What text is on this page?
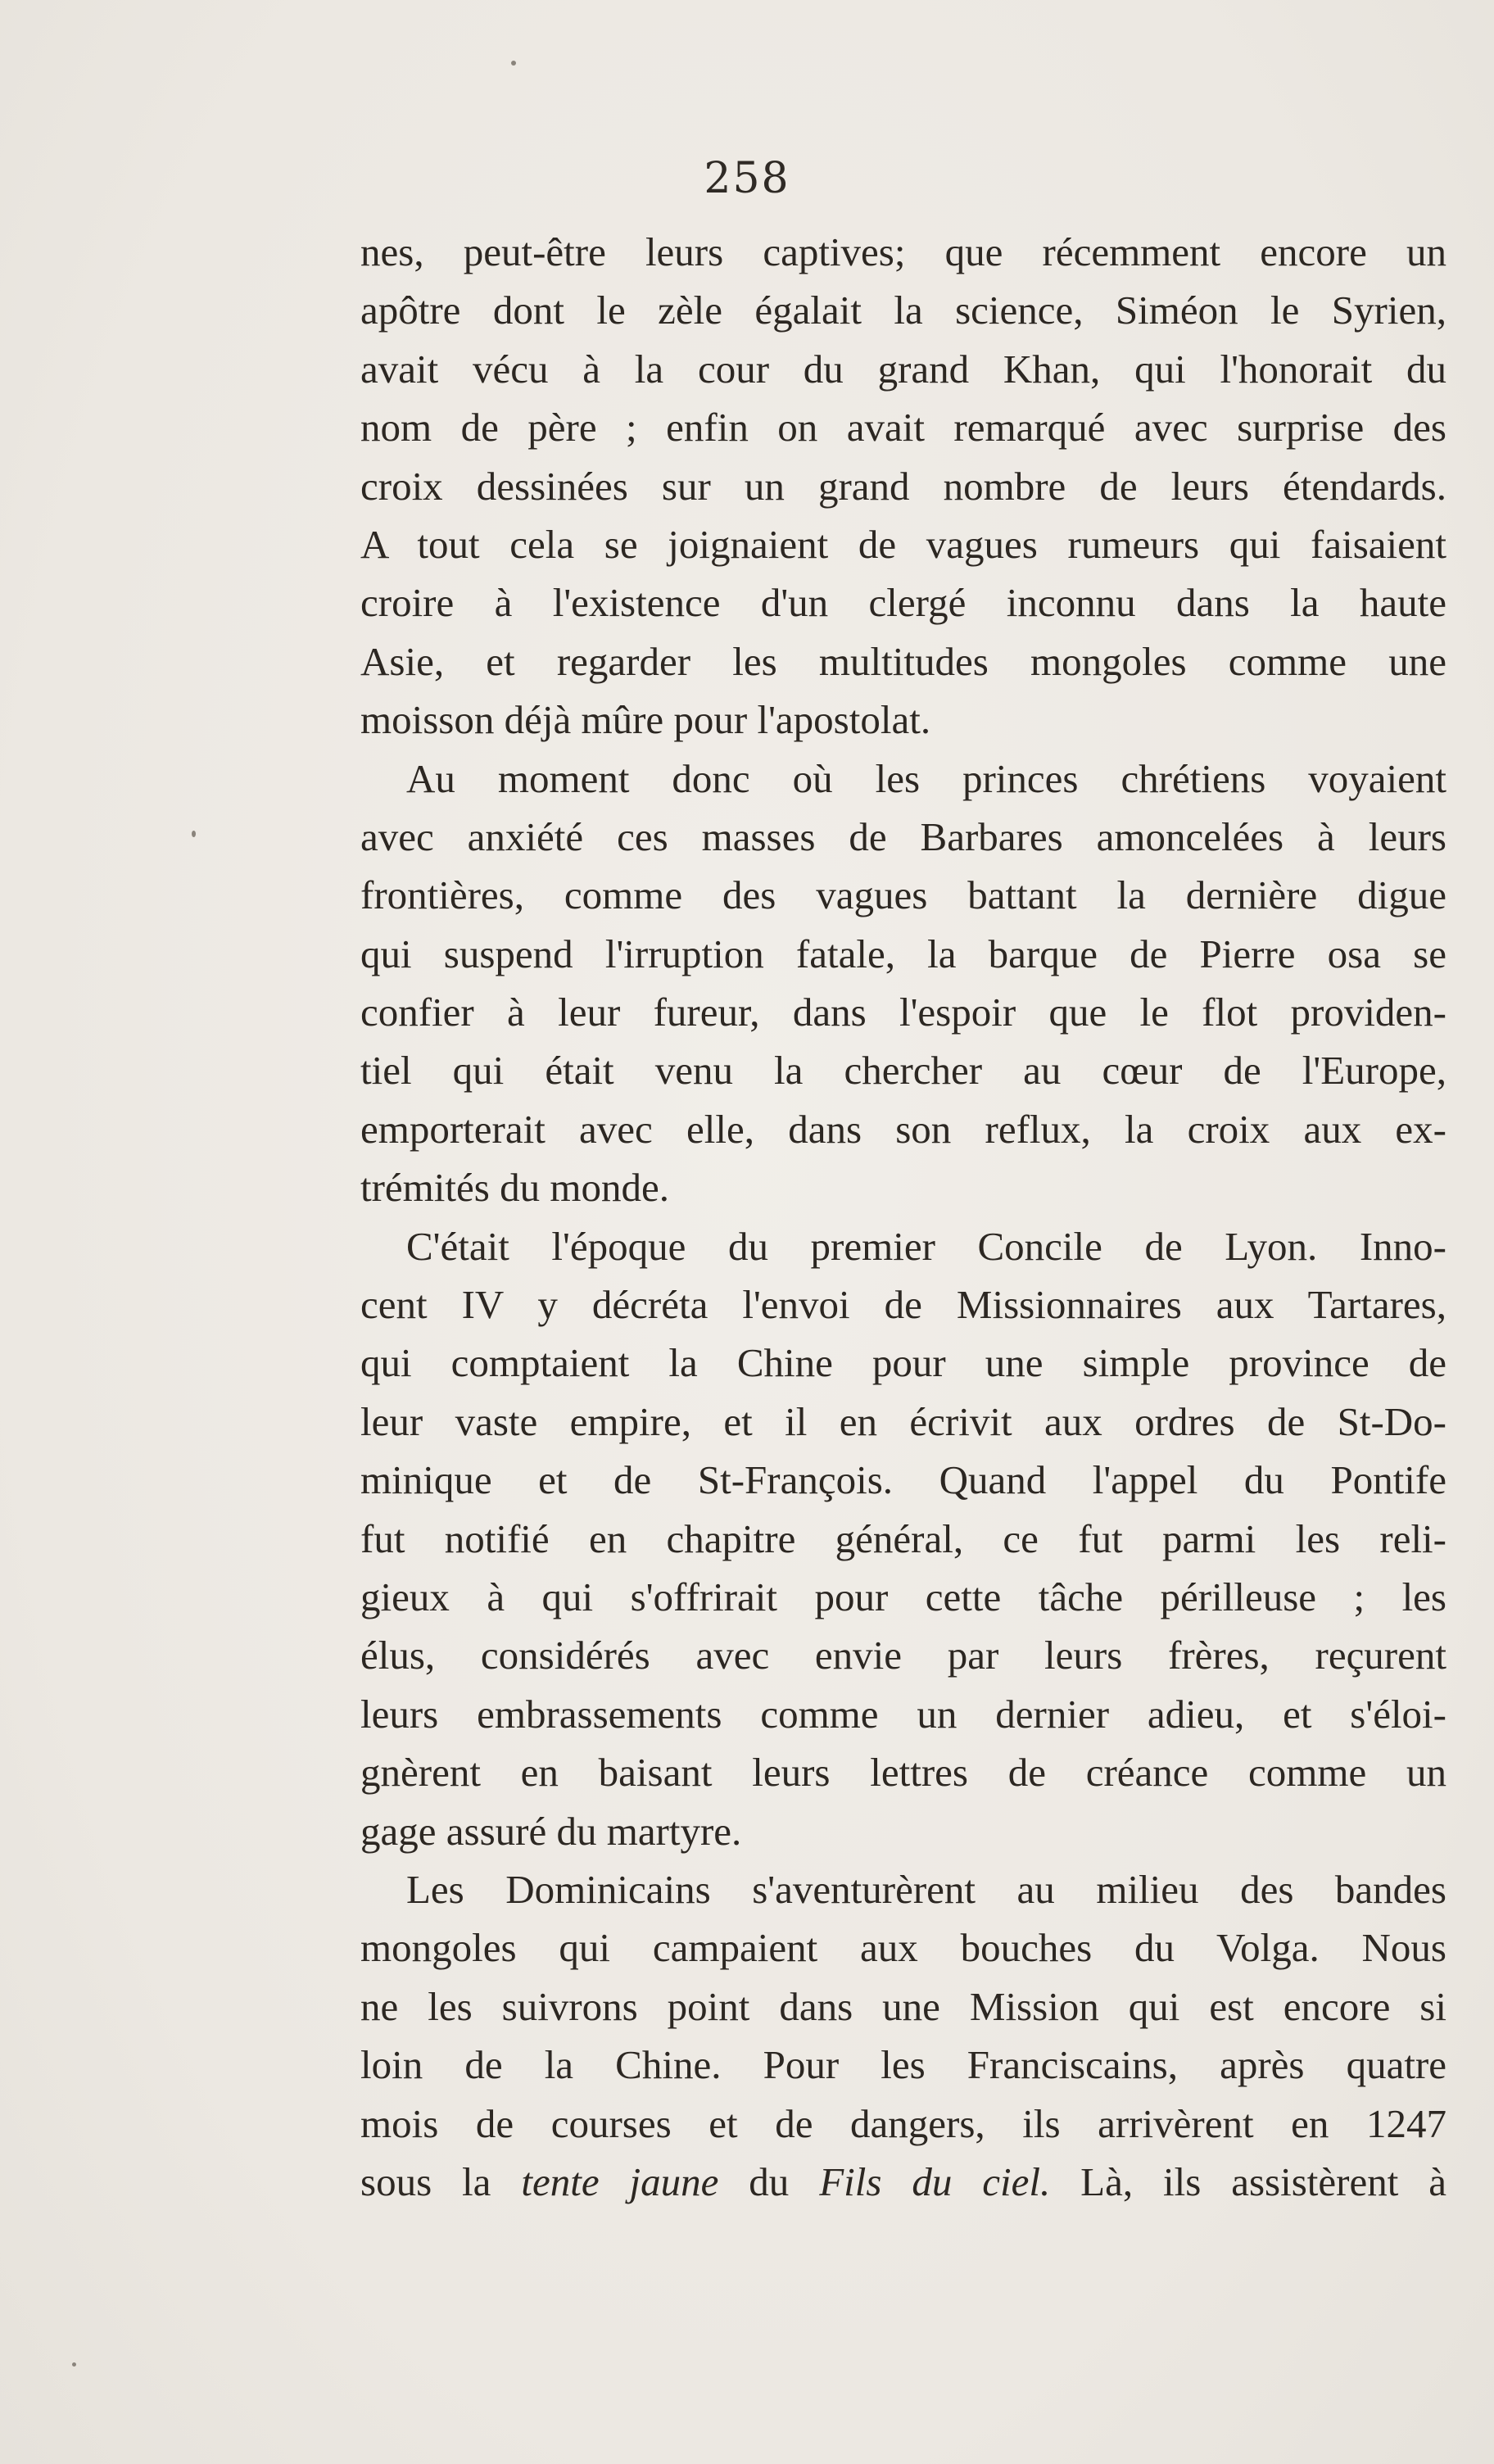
258
nes, peut-être leurs captives; que récemment encore un
apôtre dont le zèle égalait la science, Siméon le Syrien,
avait vécu à la cour du grand Khan, qui l'honorait du
nom de père ; enfin on avait remarqué avec surprise des
croix dessinées sur un grand nombre de leurs étendards.
A tout cela se joignaient de vagues rumeurs qui faisaient
croire à l'existence d'un clergé inconnu dans la haute
Asie, et regarder les multitudes mongoles comme une
moisson déjà mûre pour l'apostolat.
Au moment donc où les princes chrétiens voyaient
avec anxiété ces masses de Barbares amoncelées à leurs
frontières, comme des vagues battant la dernière digue
qui suspend l'irruption fatale, la barque de Pierre osa se
confier à leur fureur, dans l'espoir que le flot providen-
tiel qui était venu la chercher au cœur de l'Europe,
emporterait avec elle, dans son reflux, la croix aux ex-
trémités du monde.
C'était l'époque du premier Concile de Lyon. Inno-
cent IV y décréta l'envoi de Missionnaires aux Tartares,
qui comptaient la Chine pour une simple province de
leur vaste empire, et il en écrivit aux ordres de St-Do-
minique et de St-François. Quand l'appel du Pontife
fut notifié en chapitre général, ce fut parmi les reli-
gieux à qui s'offrirait pour cette tâche périlleuse ; les
élus, considérés avec envie par leurs frères, reçurent
leurs embrassements comme un dernier adieu, et s'éloi-
gnèrent en baisant leurs lettres de créance comme un
gage assuré du martyre.
Les Dominicains s'aventurèrent au milieu des bandes
mongoles qui campaient aux bouches du Volga. Nous
ne les suivrons point dans une Mission qui est encore si
loin de la Chine. Pour les Franciscains, après quatre
mois de courses et de dangers, ils arrivèrent en 1247
sous la tente jaune du Fils du ciel. Là, ils assistèrent à
